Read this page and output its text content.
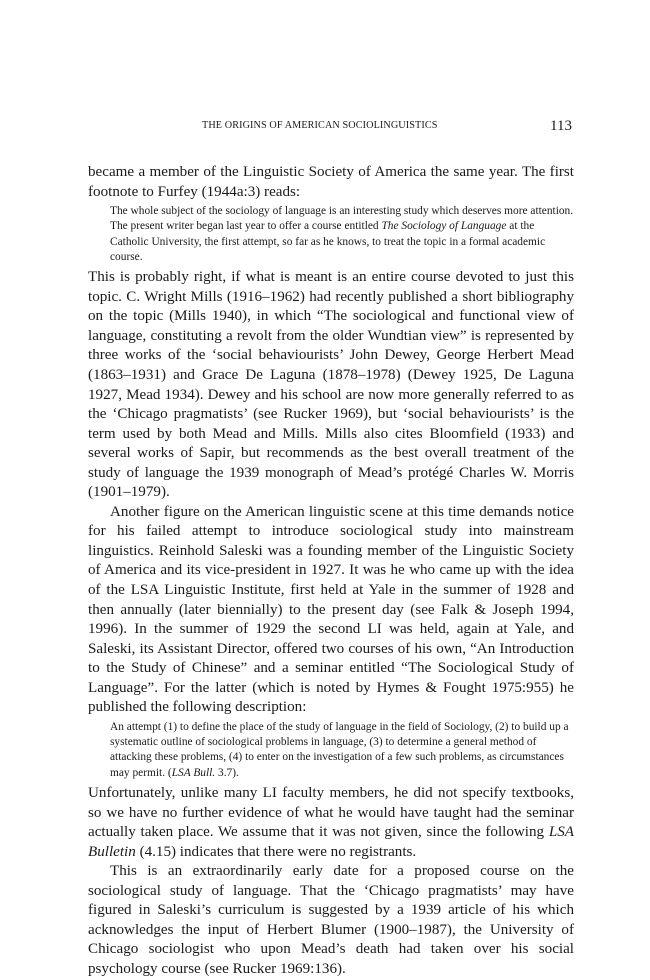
THE ORIGINS OF AMERICAN SOCIOLINGUISTICS	113

became a member of the Linguistic Society of America the same year. The first footnote to Furfey (1944a:3) reads:

The whole subject of the sociology of language is an interesting study which deserves more attention. The present writer began last year to offer a course entitled The Sociology of Language at the Catholic University, the first attempt, so far as he knows, to treat the topic in a formal academic course.

This is probably right, if what is meant is an entire course devoted to just this topic. C. Wright Mills (1916–1962) had recently published a short bibliography on the topic (Mills 1940), in which “The sociological and functional view of language, constituting a revolt from the older Wundtian view” is represented by three works of the ‘social behaviourists’ John Dewey, George Herbert Mead (1863–1931) and Grace De Laguna (1878–1978) (Dewey 1925, De Laguna 1927, Mead 1934). Dewey and his school are now more generally referred to as the ‘Chicago pragmatists’ (see Rucker 1969), but ‘social behaviourists’ is the term used by both Mead and Mills. Mills also cites Bloomfield (1933) and several works of Sapir, but recommends as the best overall treatment of the study of language the 1939 monograph of Mead’s protégé Charles W. Morris (1901–1979).

Another figure on the American linguistic scene at this time demands notice for his failed attempt to introduce sociological study into mainstream linguistics. Reinhold Saleski was a founding member of the Linguistic Society of America and its vice-president in 1927. It was he who came up with the idea of the LSA Linguistic Institute, first held at Yale in the summer of 1928 and then annually (later biennially) to the present day (see Falk & Joseph 1994, 1996). In the summer of 1929 the second LI was held, again at Yale, and Saleski, its Assistant Director, offered two courses of his own, “An Introduction to the Study of Chinese” and a seminar entitled “The Sociological Study of Language”. For the latter (which is noted by Hymes & Fought 1975:955) he published the following description:

An attempt (1) to define the place of the study of language in the field of Sociology, (2) to build up a systematic outline of sociological problems in language, (3) to determine a general method of attacking these problems, (4) to enter on the investigation of a few such problems, as circumstances may permit. (LSA Bull. 3.7).

Unfortunately, unlike many LI faculty members, he did not specify textbooks, so we have no further evidence of what he would have taught had the seminar actually taken place. We assume that it was not given, since the following LSA Bulletin (4.15) indicates that there were no registrants.

This is an extraordinarily early date for a proposed course on the sociological study of language. That the ‘Chicago pragmatists’ may have figured in Saleski’s curriculum is suggested by a 1939 article of his which acknowledges the input of Herbert Blumer (1900–1987), the University of Chicago sociologist who upon Mead’s death had taken over his social psychology course (see Rucker 1969:136).
